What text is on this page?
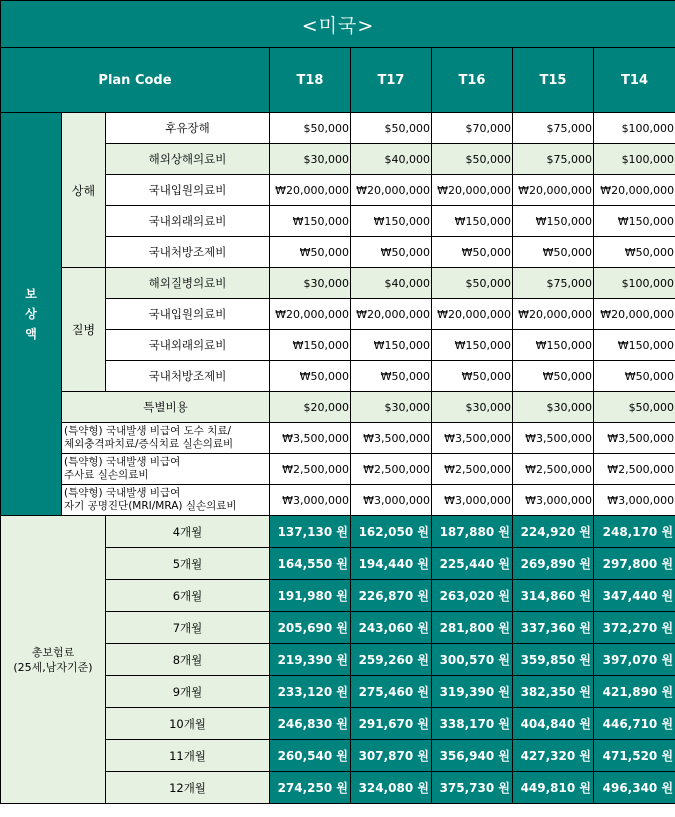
<미국>							
Plan Code			T18	T17	T16	T15	T14

보
상
액	상해	후유장해	$50,000	$50,000	$70,000	$75,000	$100,000
		해외상해의료비	$30,000	$40,000	$50,000	$75,000	$100,000
		국내입원의료비	₩20,000,000	₩20,000,000	₩20,000,000	₩20,000,000	₩20,000,000
		국내외래의료비	₩150,000	₩150,000	₩150,000	₩150,000	₩150,000
		국내처방조제비	₩50,000	₩50,000	₩50,000	₩50,000	₩50,000
	질병	해외질병의료비	$30,000	$40,000	$50,000	$75,000	$100,000
		국내입원의료비	₩20,000,000	₩20,000,000	₩20,000,000	₩20,000,000	₩20,000,000
		국내외래의료비	₩150,000	₩150,000	₩150,000	₩150,000	₩150,000
		국내처방조제비	₩50,000	₩50,000	₩50,000	₩50,000	₩50,000
	특별비용		$20,000	$30,000	$30,000	$30,000	$50,000

	(특약형) 국내발생 비급여 도수 치료/
체외충격파치료/증식치료 실손의료비		₩3,500,000	₩3,500,000	₩3,500,000	₩3,500,000	₩3,500,000

	(특약형) 국내발생 비급여
주사료 실손의료비		₩2,500,000	₩2,500,000	₩2,500,000	₩2,500,000	₩2,500,000

	(특약형) 국내발생 비급여
자기 공명진단(MRI/MRA) 실손의료비		₩3,000,000	₩3,000,000	₩3,000,000	₩3,000,000	₩3,000,000

총보험료
(25세,남자기준)		4개월	137,130 원	162,050 원	187,880 원	224,920 원	248,170 원
		5개월	164,550 원	194,440 원	225,440 원	269,890 원	297,800 원
		6개월	191,980 원	226,870 원	263,020 원	314,860 원	347,440 원
		7개월	205,690 원	243,060 원	281,800 원	337,360 원	372,270 원
		8개월	219,390 원	259,260 원	300,570 원	359,850 원	397,070 원
		9개월	233,120 원	275,460 원	319,390 원	382,350 원	421,890 원
		10개월	246,830 원	291,670 원	338,170 원	404,840 원	446,710 원
		11개월	260,540 원	307,870 원	356,940 원	427,320 원	471,520 원
		12개월	274,250 원	324,080 원	375,730 원	449,810 원	496,340 원
